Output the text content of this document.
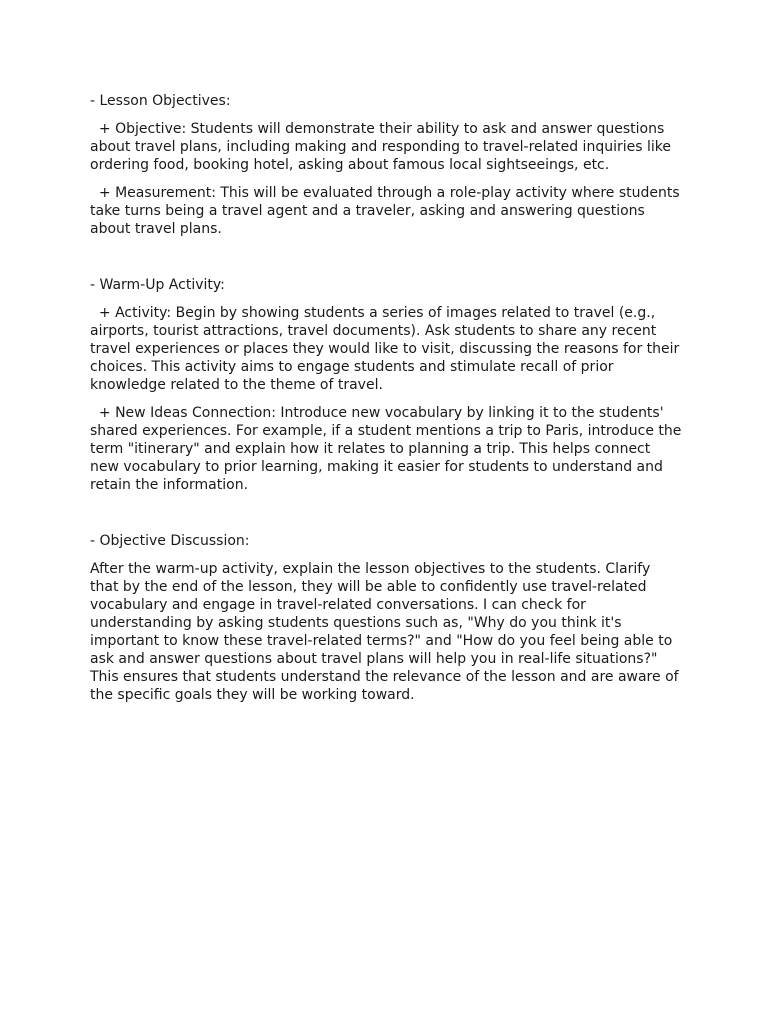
- Lesson Objectives:

+ Objective: Students will demonstrate their ability to ask and answer questions about travel plans, including making and responding to travel-related inquiries like ordering food, booking hotel, asking about famous local sightseeings, etc.

+ Measurement: This will be evaluated through a role-play activity where students take turns being a travel agent and a traveler, asking and answering questions about travel plans.

- Warm-Up Activity:

+ Activity: Begin by showing students a series of images related to travel (e.g., airports, tourist attractions, travel documents). Ask students to share any recent travel experiences or places they would like to visit, discussing the reasons for their choices. This activity aims to engage students and stimulate recall of prior knowledge related to the theme of travel.

+ New Ideas Connection: Introduce new vocabulary by linking it to the students' shared experiences. For example, if a student mentions a trip to Paris, introduce the term "itinerary" and explain how it relates to planning a trip. This helps connect new vocabulary to prior learning, making it easier for students to understand and retain the information.

- Objective Discussion:

After the warm-up activity, explain the lesson objectives to the students. Clarify that by the end of the lesson, they will be able to confidently use travel-related vocabulary and engage in travel-related conversations. I can check for understanding by asking students questions such as, "Why do you think it's important to know these travel-related terms?" and "How do you feel being able to ask and answer questions about travel plans will help you in real-life situations?" This ensures that students understand the relevance of the lesson and are aware of the specific goals they will be working toward.
